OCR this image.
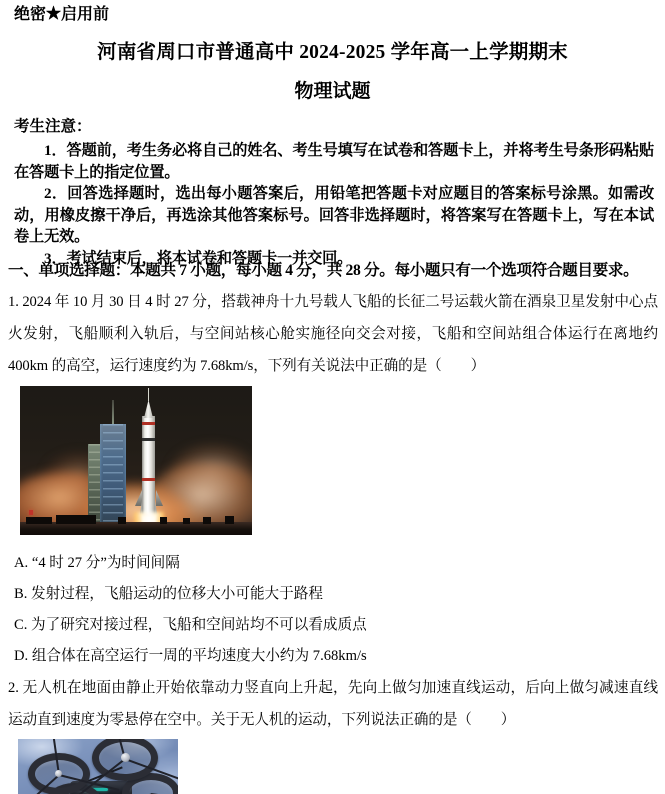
绝密★启用前
河南省周口市普通高中 2024-2025 学年高一上学期期末
物理试题

考生注意：

1．答题前，考生务必将自己的姓名、考生号填写在试卷和答题卡上，并将考生号条形码粘贴在答题卡上的指定位置。

2．回答选择题时，选出每小题答案后，用铅笔把答题卡对应题目的答案标号涂黑。如需改动，用橡皮擦干净后，再选涂其他答案标号。回答非选择题时，将答案写在答题卡上，写在本试卷上无效。

3．考试结束后，将本试卷和答题卡一并交回。

一、单项选择题：本题共 7 小题，每小题 4 分，共 28 分。每小题只有一个选项符合题目要求。
1. 2024 年 10 月 30 日 4 时 27 分，搭载神舟十九号载人飞船的长征二号运载火箭在酒泉卫星发射中心点火发射，飞船顺利入轨后，与空间站核心舱实施径向交会对接，飞船和空间站组合体运行在离地约 400km 的高空，运行速度约为 7.68km/s，下列有关说法中正确的是（　　）
A. “4 时 27 分”为时间间隔
B. 发射过程，飞船运动的位移大小可能大于路程
C. 为了研究对接过程，飞船和空间站均不可以看成质点
D. 组合体在高空运行一周的平均速度大小约为 7.68km/s
2. 无人机在地面由静止开始依靠动力竖直向上升起，先向上做匀加速直线运动，后向上做匀减速直线运动直到速度为零悬停在空中。关于无人机的运动，下列说法正确的是（　　）
